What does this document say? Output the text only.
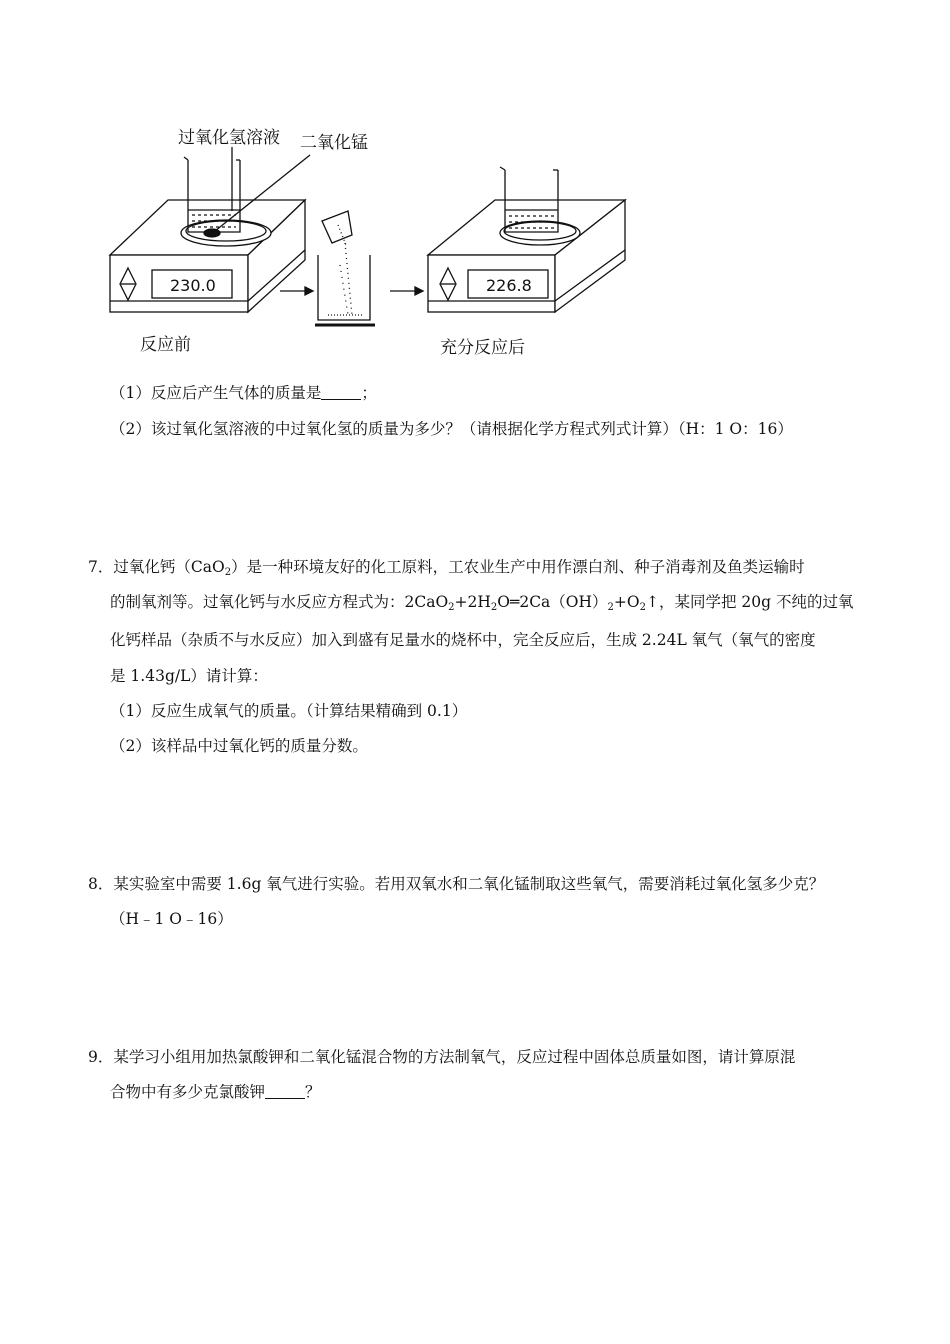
过氧化氢溶液 二氧化锰
230.0	226.8
反应前	充分反应后
（1）反应后产生气体的质量是	；
（2）该过氧化氢溶液的中过氧化氢的质量为多少？（请根据化学方程式列式计算）（H：1 O：16）
7．过氧化钙（CaO$_2$）是一种环境友好的化工原料，工农业生产中用作漂白剂、种子消毒剂及鱼类运输时
的制氧剂等。过氧化钙与水反应方程式为：$2CaO_2+2H_2O═2Ca(OH)_2+O_2↑$，某同学把 20g 不纯的过氧
化钙样品（杂质不与水反应）加入到盛有足量水的烧杯中，完全反应后，生成 2.24L 氧气（氧气的密度
是 1.43g/L）请计算：
（1）反应生成氧气的质量。（计算结果精确到 0.1）
（2）该样品中过氧化钙的质量分数。
8．某实验室中需要 1.6g 氧气进行实验。若用双氧水和二氧化锰制取这些氧气，需要消耗过氧化氢多少克？
（H﹣1 O﹣16）
9．某学习小组用加热氯酸钾和二氧化锰混合物的方法制氧气，反应过程中固体总质量如图，请计算原混
合物中有多少克氯酸钾	？
